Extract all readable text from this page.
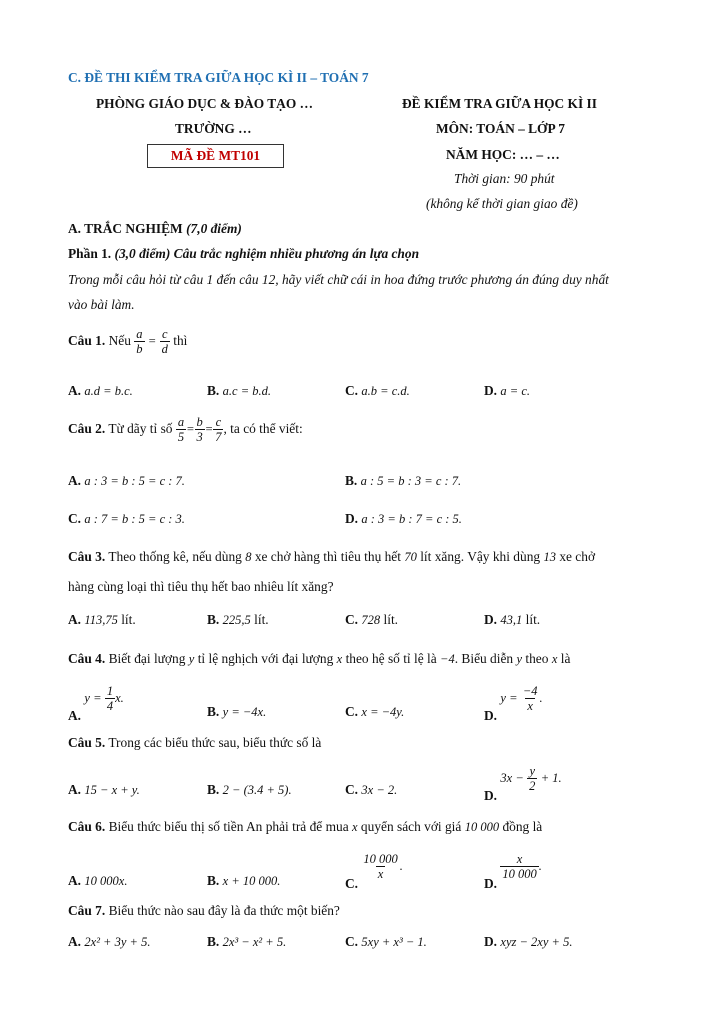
C. ĐỀ THI KIỂM TRA GIỮA HỌC KÌ II – TOÁN 7
PHÒNG GIÁO DỤC & ĐÀO TẠO …
TRƯỜNG …
MÃ ĐỀ MT101
ĐỀ KIỂM TRA GIỮA HỌC KÌ II
MÔN: TOÁN – LỚP 7
NĂM HỌC: … – …
Thời gian: 90 phút
(không kể thời gian giao đề)
A. TRẮC NGHIỆM (7,0 điểm)
Phần 1. (3,0 điểm) Câu trắc nghiệm nhiều phương án lựa chọn
Trong mỗi câu hỏi từ câu 1 đến câu 12, hãy viết chữ cái in hoa đứng trước phương án đúng duy nhất
vào bài làm.
Câu 1. Nếu $\frac{a}{b} = \frac{c}{d}$ thì
A. a.d = b.c.	B. a.c = b.d.	C. a.b = c.d.	D. a = c.
Câu 2. Từ dãy tỉ số $\frac{a}{5} = \frac{b}{3} = \frac{c}{7}$ , ta có thể viết:
A. a : 3 = b : 5 = c : 7.	B. a : 5 = b : 3 = c : 7.
C. a : 7 = b : 5 = c : 3.	D. a : 3 = b : 7 = c : 5.
Câu 3. Theo thống kê, nếu dùng 8 xe chở hàng thì tiêu thụ hết 70 lít xăng. Vậy khi dùng 13 xe chở
hàng cùng loại thì tiêu thụ hết bao nhiêu lít xăng?
A. 113,75 lít.	B. 225,5 lít.	C. 728 lít.	D. 43,1 lít.
Câu 4. Biết đại lượng y tỉ lệ nghịch với đại lượng x theo hệ số tỉ lệ là −4. Biểu diễn y theo x là
A. $y = \frac{1}{4} x$.
B. y = −4x.	C. x = −4y.	D. $y = \frac{-4}{x}$ .
Câu 5. Trong các biểu thức sau, biểu thức số là
A. 15 − x + y.	B. 2 − (3.4 + 5).	C. 3x − 2.	D. $3x - \frac{y}{2} + 1$.
Câu 6. Biểu thức biểu thị số tiền An phải trả để mua x quyển sách với giá 10 000 đồng là
A. 10 000x.	B. x + 10 000.	C.
$\frac{10 000}{x}$ .
D.
$\frac{x}{10 000}$ .
Câu 7. Biểu thức nào sau đây là đa thức một biến?
A. 2x² + 3y + 5.	B. 2x³ − x² + 5.	C. 5xy + x³ − 1.	D. xyz − 2xy + 5.
